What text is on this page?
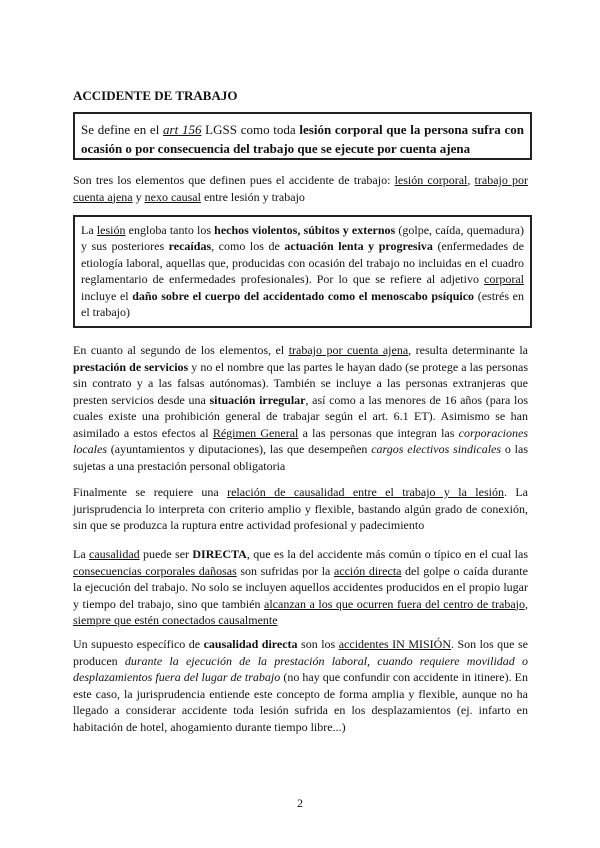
ACCIDENTE DE TRABAJO

Se define en el art 156 LGSS como toda lesión corporal que la persona sufra con ocasión o por consecuencia del trabajo que se ejecute por cuenta ajena

Son tres los elementos que definen pues el accidente de trabajo: lesión corporal, trabajo por cuenta ajena y nexo causal entre lesión y trabajo

La lesión engloba tanto los hechos violentos, súbitos y externos (golpe, caída, quemadura) y sus posteriores recaídas, como los de actuación lenta y progresiva (enfermedades de etiología laboral, aquellas que, producidas con ocasión del trabajo no incluidas en el cuadro reglamentario de enfermedades profesionales). Por lo que se refiere al adjetivo corporal incluye el daño sobre el cuerpo del accidentado como el menoscabo psíquico (estrés en el trabajo)

En cuanto al segundo de los elementos, el trabajo por cuenta ajena, resulta determinante la prestación de servicios y no el nombre que las partes le hayan dado (se protege a las personas sin contrato y a las falsas autónomas). También se incluye a las personas extranjeras que presten servicios desde una situación irregular, así como a las menores de 16 años (para los cuales existe una prohibición general de trabajar según el art. 6.1 ET). Asimismo se han asimilado a estos efectos al Régimen General a las personas que integran las corporaciones locales (ayuntamientos y diputaciones), las que desempeñen cargos electivos sindicales o las sujetas a una prestación personal obligatoria

Finalmente se requiere una relación de causalidad entre el trabajo y la lesión. La jurisprudencia lo interpreta con criterio amplio y flexible, bastando algún grado de conexión, sin que se produzca la ruptura entre actividad profesional y padecimiento

La causalidad puede ser DIRECTA, que es la del accidente más común o típico en el cual las consecuencias corporales dañosas son sufridas por la acción directa del golpe o caída durante la ejecución del trabajo. No solo se incluyen aquellos accidentes producidos en el propio lugar y tiempo del trabajo, sino que también alcanzan a los que ocurren fuera del centro de trabajo, siempre que estén conectados causalmente

Un supuesto específico de causalidad directa son los accidentes IN MISIÓN. Son los que se producen durante la ejecución de la prestación laboral, cuando requiere movilidad o desplazamientos fuera del lugar de trabajo (no hay que confundir con accidente in itinere). En este caso, la jurisprudencia entiende este concepto de forma amplia y flexible, aunque no ha llegado a considerar accidente toda lesión sufrida en los desplazamientos (ej. infarto en habitación de hotel, ahogamiento durante tiempo libre...)

2
